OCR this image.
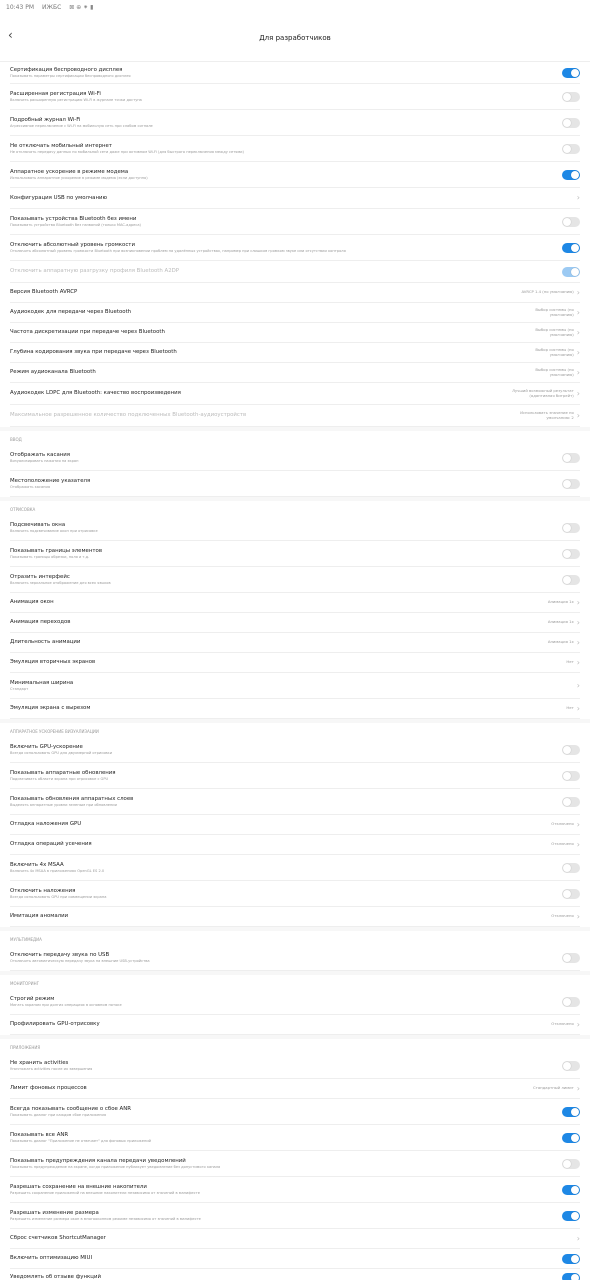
10:43 PM ИЖБС ⊠ ⊕ ⁕ ▮
‹	Для разработчиков
Сертификация беспроводного дисплея
Показывать параметры сертификации беспроводного дисплея
Расширенная регистрация Wi-Fi
Включить расширенную регистрацию Wi-Fi в журнале точки доступа
Подробный журнал Wi-Fi
Агрессивное переключение с Wi-Fi на мобильную сеть при слабом сигнале
Не отключать мобильный интернет
Не отключать передачу данных по мобильной сети даже при активном Wi-Fi (для быстрого переключения между сетями)
Аппаратное ускорение в режиме модема
Использовать аппаратное ускорение в режиме модема (если доступно)
Конфигурация USB по умолчанию	›
Показывать устройства Bluetooth без имени
Показывать устройства Bluetooth без названий (только MAC-адреса)
Отключить абсолютный уровень громкости
Отключить абсолютный уровень громкости Bluetooth при возникновении проблем на удалённых устройствах, например при слишком громком звуке или отсутствии контроля
Отключить аппаратную разгрузку профиля Bluetooth A2DP
Версия Bluetooth AVRCP	AVRCP 1.4 (по умолчанию) ›
Аудиокодек для передачи через Bluetooth	Выбор системы (по умолчанию) ›
Частота дискретизации при передаче через Bluetooth	Выбор системы (по умолчанию) ›
Глубина кодирования звука при передаче через Bluetooth	Выбор системы (по умолчанию) ›
Режим аудиоканала Bluetooth	Выбор системы (по умолчанию) ›
Аудиокодек LDPC для Bluetooth: качество воспроизведения	Лучший возможный результат (адаптивная битрейт) ›
Максимальное разрешенное количество подключенных Bluetooth-аудиоустройств	Использовать значение по умолчанию: 2 ›
ВВОД
Отображать касания
Визуализировать нажатия на экран
Местоположение указателя
Отображать касания
ОТРИСОВКА
Подсвечивать окна
Включить подсвечивание окон при отрисовке
Показывать границы элементов
Показывать границы обрезки, поля и т.д.
Отразить интерфейс
Включить зеркальное отображение для всех языков
Анимация окон	Анимация 1x ›
Анимация переходов	Анимация 1x ›
Длительность анимации	Анимация 1x ›
Эмуляция вторичных экранов	Нет ›
Минимальная ширина
Стандарт	›
Эмуляция экрана с вырезом	Нет ›
АППАРАТНОЕ УСКОРЕНИЕ ВИЗУАЛИЗАЦИИ
Включить GPU-ускорение
Всегда использовать GPU для двухмерной отрисовки
Показывать аппаратные обновления
Подсвечивать области экрана при отрисовке с GPU
Показывать обновления аппаратных слоев
Выделять аппаратные уровни зеленым при обновлении
Отладка наложения GPU	Отключено ›
Отладка операций усечения	Отключено ›
Включить 4x MSAA
Включить 4x MSAA в приложениях OpenGL ES 2.0
Отключить наложения
Всегда использовать GPU при совмещении экрана
Имитация аномалии	Отключено ›
МУЛЬТИМЕДИА
Отключить передачу звука по USB
Отключить автоматическую передачу звука на внешние USB-устройства
МОНИТОРИНГ
Строгий режим
Мигать экраном при долгих операциях в основном потоке
Профилировать GPU-отрисовку	Отключено ›
ПРИЛОЖЕНИЯ
Не хранить activities
Уничтожать activities после их завершения
Лимит фоновых процессов	Стандартный лимит ›
Всегда показывать сообщение о сбое ANR
Показывать диалог при каждом сбое приложения
Показывать все ANR
Показывать диалог "Приложение не отвечает" для фоновых приложений
Показывать предупреждения канала передачи уведомлений
Показывать предупреждение на экране, когда приложение публикует уведомление без допустимого канала
Разрешать сохранение на внешние накопители
Разрешить сохранение приложений на внешние накопители независимо от значений в манифесте
Разрешать изменение размера
Разрешить изменение размера окон в многооконном режиме независимо от значений в манифесте
Сброс счетчиков ShortcutManager	›
Включить оптимизацию MIUI
Уведомлять об отзыве функций
